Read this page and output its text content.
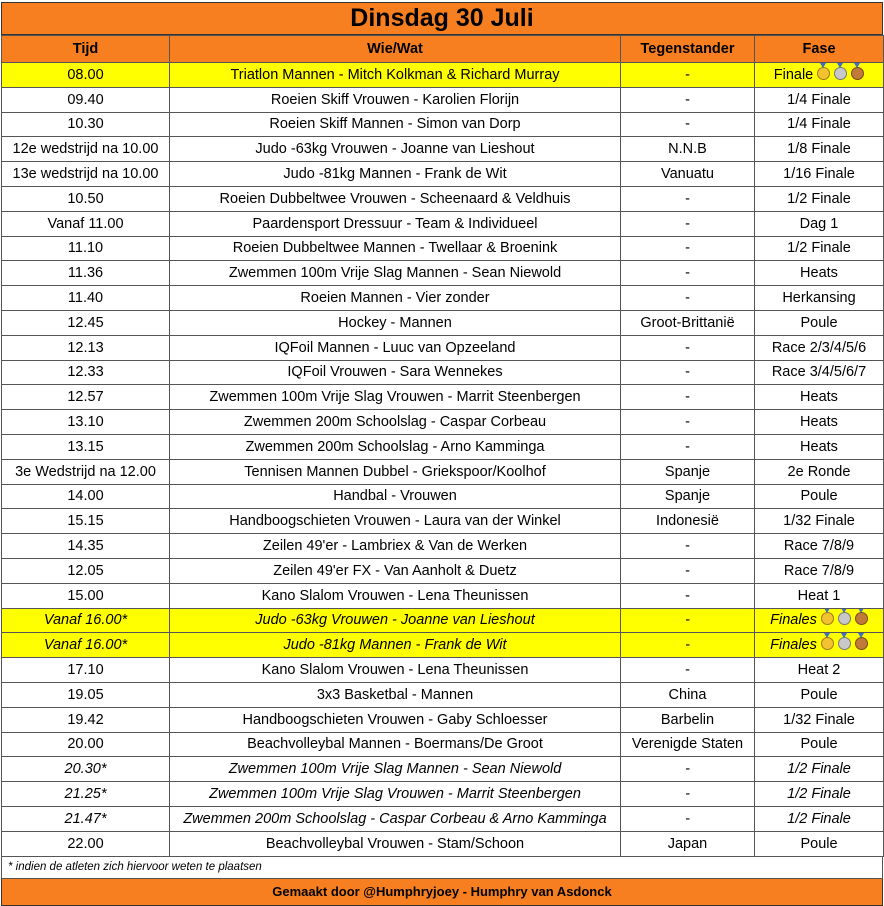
Dinsdag 30 Juli
Tijd	Wie/Wat	Tegenstander	Fase
08.00	Triatlon Mannen - Mitch Kolkman & Richard Murray	-	Finale
09.40	Roeien Skiff Vrouwen - Karolien Florijn	-	1/4 Finale
10.30	Roeien Skiff Mannen - Simon van Dorp	-	1/4 Finale
12e wedstrijd na 10.00	Judo -63kg Vrouwen - Joanne van Lieshout	N.N.B	1/8 Finale
13e wedstrijd na 10.00	Judo -81kg Mannen - Frank de Wit	Vanuatu	1/16 Finale
10.50	Roeien Dubbeltwee Vrouwen - Scheenaard & Veldhuis	-	1/2 Finale
Vanaf 11.00	Paardensport Dressuur - Team & Individueel	-	Dag 1
11.10	Roeien Dubbeltwee Mannen - Twellaar & Broenink	-	1/2 Finale
11.36	Zwemmen 100m Vrije Slag Mannen - Sean Niewold	-	Heats
11.40	Roeien Mannen - Vier zonder	-	Herkansing
12.45	Hockey - Mannen	Groot-Brittanië	Poule
12.13	IQFoil Mannen - Luuc van Opzeeland	-	Race 2/3/4/5/6
12.33	IQFoil Vrouwen - Sara Wennekes	-	Race 3/4/5/6/7
12.57	Zwemmen 100m Vrije Slag Vrouwen - Marrit Steenbergen	-	Heats
13.10	Zwemmen 200m Schoolslag - Caspar Corbeau	-	Heats
13.15	Zwemmen 200m Schoolslag - Arno Kamminga	-	Heats
3e Wedstrijd na 12.00	Tennisen Mannen Dubbel - Griekspoor/Koolhof	Spanje	2e Ronde
14.00	Handbal - Vrouwen	Spanje	Poule
15.15	Handboogschieten Vrouwen - Laura van der Winkel	Indonesië	1/32 Finale
14.35	Zeilen 49'er - Lambriex & Van de Werken	-	Race 7/8/9
12.05	Zeilen 49'er FX - Van Aanholt & Duetz	-	Race 7/8/9
15.00	Kano Slalom Vrouwen - Lena Theunissen	-	Heat 1
Vanaf 16.00*	Judo -63kg Vrouwen - Joanne van Lieshout	-	Finales
Vanaf 16.00*	Judo -81kg Mannen - Frank de Wit	-	Finales
17.10	Kano Slalom Vrouwen - Lena Theunissen	-	Heat 2
19.05	3x3 Basketbal - Mannen	China	Poule
19.42	Handboogschieten Vrouwen - Gaby Schloesser	Barbelin	1/32 Finale
20.00	Beachvolleybal Mannen - Boermans/De Groot	Verenigde Staten	Poule
20.30*	Zwemmen 100m Vrije Slag Mannen - Sean Niewold	-	1/2 Finale
21.25*	Zwemmen 100m Vrije Slag Vrouwen - Marrit Steenbergen	-	1/2 Finale
21.47*	Zwemmen 200m Schoolslag - Caspar Corbeau & Arno Kamminga	-	1/2 Finale
22.00	Beachvolleybal Vrouwen - Stam/Schoon	Japan	Poule
* indien de atleten zich hiervoor weten te plaatsen
Gemaakt door @Humphryjoey - Humphry van Asdonck
